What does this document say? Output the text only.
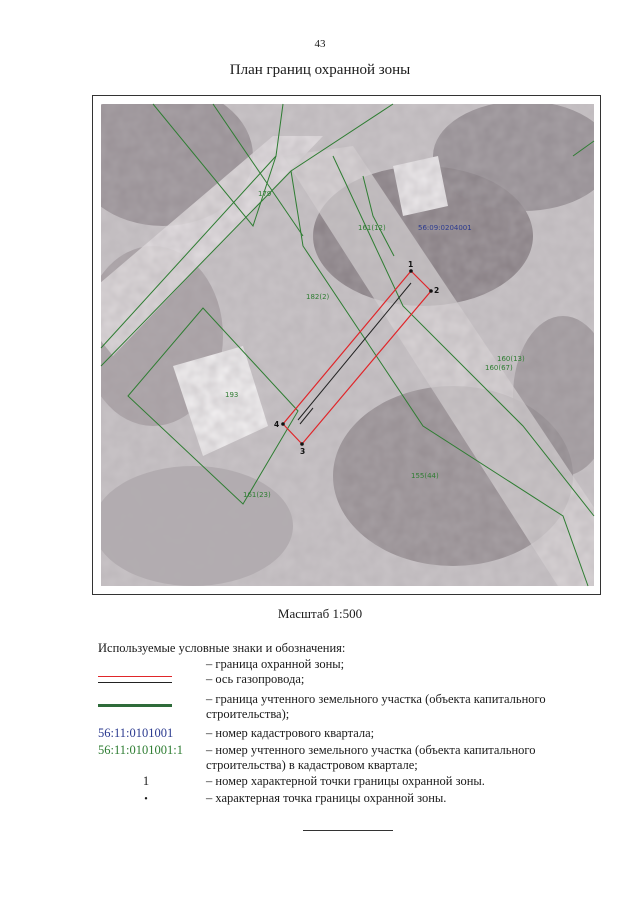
43
План границ охранной зоны
179
161(12)	56:09:0204001
182(2)
160(13)
160(67)
193
155(44)
161(23)
1
2
3
4
Масштаб 1:500
Используемые условные знаки и обозначения:
– граница охранной зоны;
– ось газопровода;
– граница учтенного земельного участка (объекта капитального строительства);
56:11:0101001	– номер кадастрового квартала;
56:11:0101001:1 – номер учтенного земельного участка (объекта капитального строительства) в кадастровом квартале;
1	– номер характерной точки границы охранной зоны.
•	– характерная точка границы охранной зоны.
